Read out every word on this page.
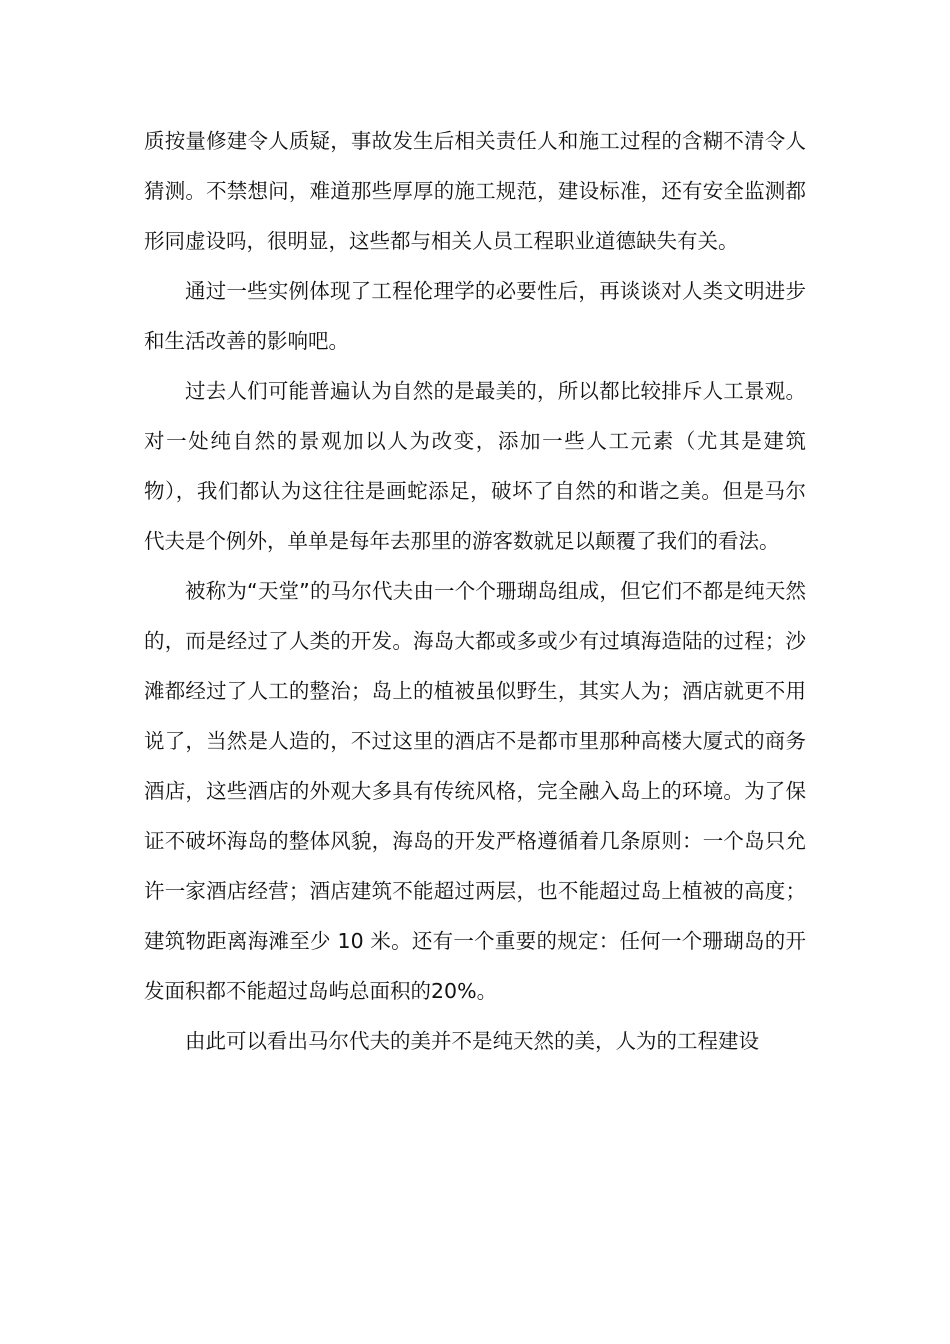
质按量修建令人质疑，事故发生后相关责任人和施工过程的含糊不清令人猜测。不禁想问，难道那些厚厚的施工规范，建设标准，还有安全监测都形同虚设吗，很明显，这些都与相关人员工程职业道德缺失有关。

通过一些实例体现了工程伦理学的必要性后，再谈谈对人类文明进步和生活改善的影响吧。

过去人们可能普遍认为自然的是最美的，所以都比较排斥人工景观。对一处纯自然的景观加以人为改变，添加一些人工元素（尤其是建筑物），我们都认为这往往是画蛇添足，破坏了自然的和谐之美。但是马尔代夫是个例外，单单是每年去那里的游客数就足以颠覆了我们的看法。

被称为“天堂”的马尔代夫由一个个珊瑚岛组成，但它们不都是纯天然的，而是经过了人类的开发。海岛大都或多或少有过填海造陆的过程；沙滩都经过了人工的整治；岛上的植被虽似野生，其实人为；酒店就更不用说了，当然是人造的，不过这里的酒店不是都市里那种高楼大厦式的商务酒店，这些酒店的外观大多具有传统风格，完全融入岛上的环境。为了保证不破坏海岛的整体风貌，海岛的开发严格遵循着几条原则：一个岛只允许一家酒店经营；酒店建筑不能超过两层，也不能超过岛上植被的高度；建筑物距离海滩至少 10 米。还有一个重要的规定：任何一个珊瑚岛的开发面积都不能超过岛屿总面积的20%。

由此可以看出马尔代夫的美并不是纯天然的美，人为的工程建设
